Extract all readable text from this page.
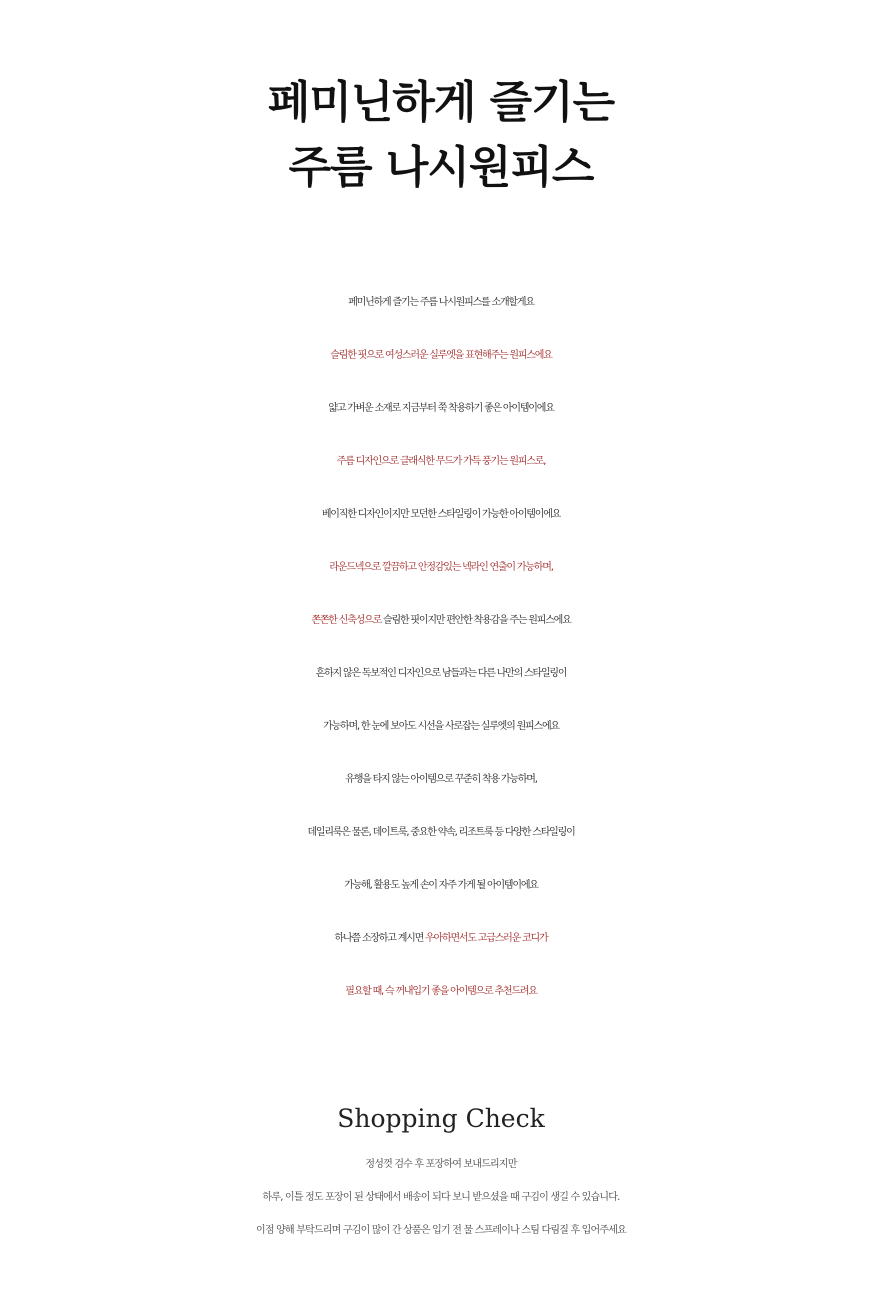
페미닌하게 즐기는
주름 나시원피스
페미닌하게 즐기는 주름 나시원피스를 소개할게요
슬림한 핏으로 여성스러운 실루엣을 표현해주는 원피스에요
얇고 가벼운 소재로 지금부터 쭉 착용하기 좋은 아이템이에요
주름 디자인으로 클래식한 무드가 가득 풍기는 원피스로,
베이직한 디자인이지만 모던한 스타일링이 가능한 아이템이에요
라운드넥으로 깔끔하고 안정감있는 넥라인 연출이 가능하며,
쫀쫀한 신축성으로 슬림한 핏이지만 편안한 착용감을 주는 원피스에요
흔하지 않은 독보적인 디자인으로 남들과는 다른 나만의 스타일링이
가능하며, 한 눈에 보아도 시선을 사로잡는 실루엣의 원피스에요
유행을 타지 않는 아이템으로 꾸준히 착용 가능하며,
데일리룩은 물론, 데이트룩, 중요한 약속, 리조트룩 등 다양한 스타일링이
가능해, 활용도 높게 손이 자주 가게 될 아이템이에요
하나쯤 소장하고 계시면 우아하면서도 고급스러운 코디가
필요할 때, 슥 꺼내입기 좋을 아이템으로 추천드려요
Shopping Check
정성껏 검수 후 포장하여 보내드리지만
하루, 이틀 정도 포장이 된 상태에서 배송이 되다 보니 받으셨을 때 구김이 생길 수 있습니다.
이점 양해 부탁드리며 구김이 많이 간 상품은 입기 전 물 스프레이나 스팀 다림질 후 입어주세요
